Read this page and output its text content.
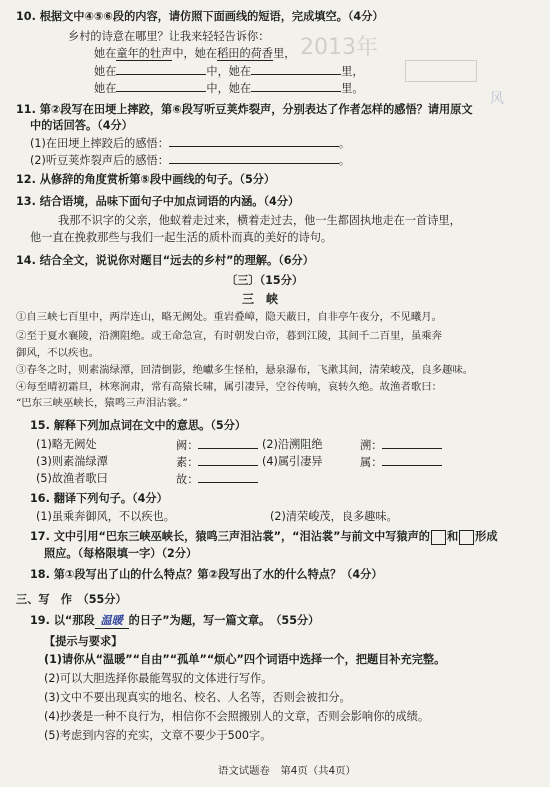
2013年
风
10. 根据文中④⑤⑥段的内容，请仿照下面画线的短语，完成填空。（4分）
乡村的诗意在哪里？让我来轻轻告诉你：
她在童年的牡声中，她在稻田的荷香里，
她在	中，她在	里，
她在	中，她在	里。
11. 第②段写在田埂上摔跤，第⑥段写听豆荚炸裂声，分别表达了作者怎样的感悟？请用原文
中的话回答。（4分）
(1)在田埂上摔跤后的感悟：	。
(2)听豆荚炸裂声后的感悟：	。
12. 从修辞的角度赏析第⑤段中画线的句子。（5分）
13. 结合语境，品味下面句子中加点词语的内涵。（4分）
我那不识字的父亲，他蚁着走过来，横着走过去，他一生都固执地走在一首诗里，
他一直在挽救那些与我们一起生活的质朴而真的美好的诗句。
14. 结合全文，说说你对题目“远去的乡村”的理解。（6分）
〔三〕（15分）
三　峡
①自三峡七百里中，两岸连山，略无阙处。重岩叠嶂，隐天蔽日，自非亭午夜分，不见曦月。
②至于夏水襄陵，沿溯阻绝。或王命急宣，有时朝发白帝，暮到江陵，其间千二百里，虽乘奔
御风，不以疾也。
③春冬之时，则素湍绿潭，回清倒影，绝巘多生怪柏，悬泉瀑布，飞漱其间，清荣峻茂，良多趣味。
④每至晴初霜旦，林寒涧肃，常有高猿长啸，属引凄异，空谷传响，哀转久绝。故渔者歌曰：
“巴东三峡巫峡长，猿鸣三声泪沾裳。”
15. 解释下列加点词在文中的意思。（5分）
(1)略无阙处	阙：	(2)沿溯阻绝	溯：
(3)则素湍绿潭	素：	(4)属引凄异	属：
(5)故渔者歌曰	故：
16. 翻译下列句子。（4分）
(1)虽乘奔御风，不以疾也。	(2)清荣峻茂，良多趣味。
17. 文中引用“巴东三峡巫峡长，猿鸣三声泪沾裳”，“泪沾裳”与前文中写猿声的 和 形成
照应。（每格限填一字）（2分）
18. 第①段写出了山的什么特点？第②段写出了水的什么特点？（4分）
三、写　作　（55分）
19. 以“那段 温暖 的日子”为题，写一篇文章。　（55分）
【提示与要求】
(1)请你从“温暖”“自由”“孤单”“烦心”四个词语中选择一个，把题目补充完整。
(2)可以大胆选择你最能驾驭的文体进行写作。
(3)文中不要出现真实的地名、校名、人名等，否则会被扣分。
(4)抄袭是一种不良行为，相信你不会照搬别人的文章，否则会影响你的成绩。
(5)考虑到内容的充实，文章不要少于500字。
语文试题卷　第4页（共4页）
